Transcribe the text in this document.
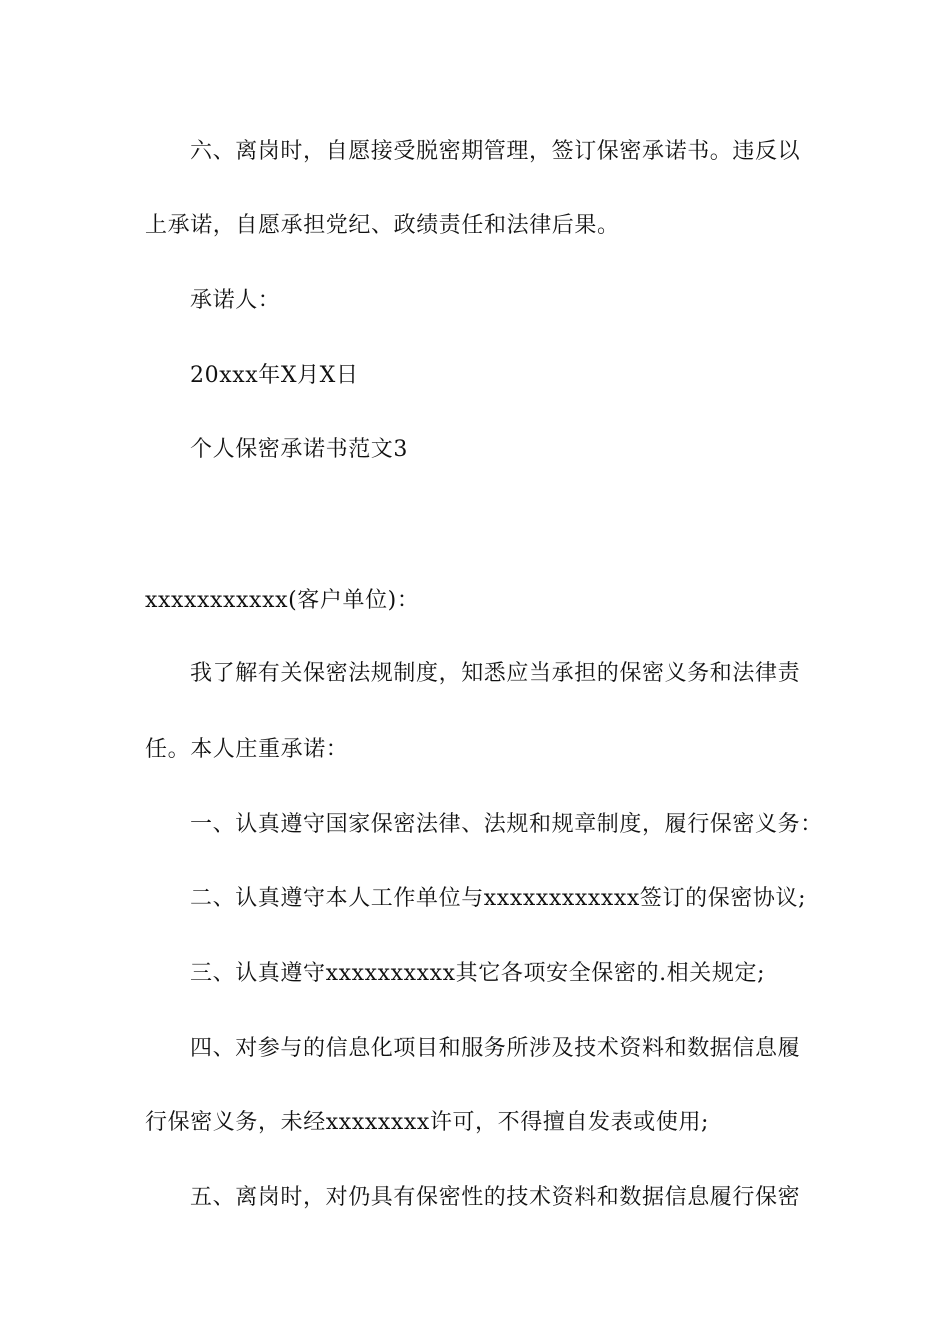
六、离岗时，自愿接受脱密期管理，签订保密承诺书。违反以
上承诺，自愿承担党纪、政绩责任和法律后果。
承诺人：
20xxx年X月X日
个人保密承诺书范文3
xxxxxxxxxxx(客户单位)：
我了解有关保密法规制度，知悉应当承担的保密义务和法律责
任。本人庄重承诺：
一、认真遵守国家保密法律、法规和规章制度，履行保密义务：
二、认真遵守本人工作单位与xxxxxxxxxxxx签订的保密协议;
三、认真遵守xxxxxxxxxx其它各项安全保密的.相关规定;
四、对参与的信息化项目和服务所涉及技术资料和数据信息履
行保密义务，未经xxxxxxxx许可，不得擅自发表或使用;
五、离岗时，对仍具有保密性的技术资料和数据信息履行保密
